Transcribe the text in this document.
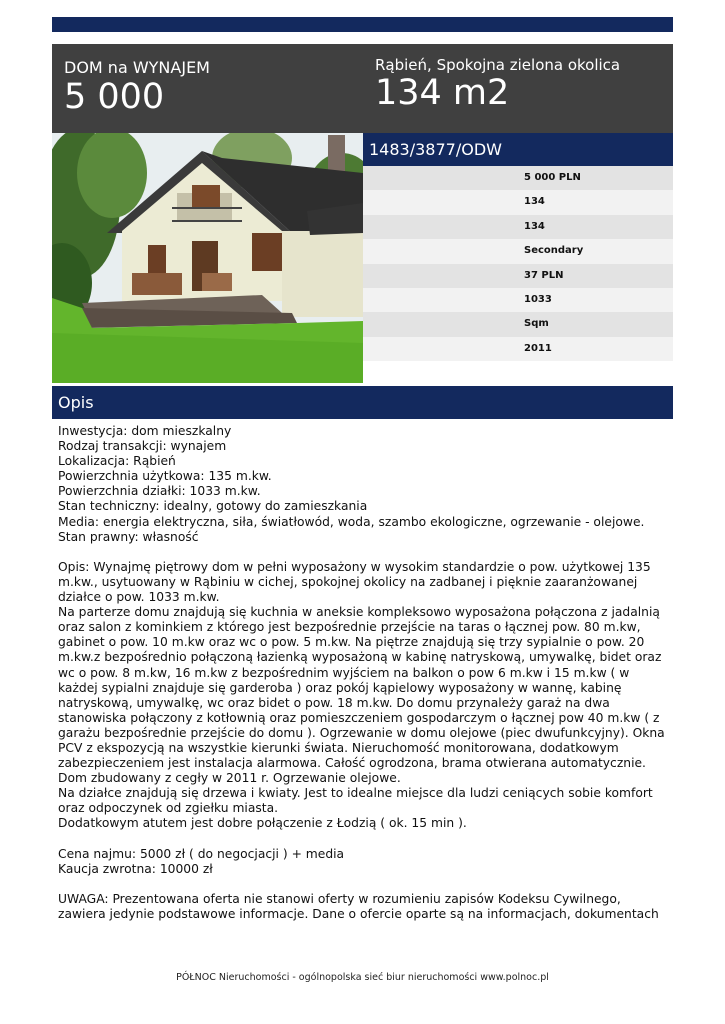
DOM na WYNAJEM
5 000
Rąbień, Spokojna zielona okolica
134 m2
1483/3877/ODW
5 000 PLN
134
134
Secondary
37 PLN
1033
Sqm
2011
Opis
Inwestycja: dom mieszkalny
Rodzaj transakcji: wynajem
Lokalizacja: Rąbień
Powierzchnia użytkowa: 135 m.kw.
Powierzchnia działki: 1033 m.kw.
Stan techniczny: idealny, gotowy do zamieszkania
Media: energia elektryczna, siła, światłowód, woda, szambo ekologiczne, ogrzewanie - olejowe.
Stan prawny: własność

Opis: Wynajmę piętrowy dom w pełni wyposażony w wysokim standardzie o pow. użytkowej 135
m.kw., usytuowany w Rąbiniu w cichej, spokojnej okolicy na zadbanej i pięknie zaaranżowanej
działce o pow. 1033 m.kw.
Na parterze domu znajdują się kuchnia w aneksie kompleksowo wyposażona połączona z jadalnią
oraz salon z kominkiem z którego jest bezpośrednie przejście na taras o łącznej pow. 80 m.kw,
gabinet o pow. 10 m.kw oraz wc o pow. 5 m.kw. Na piętrze znajdują się trzy sypialnie o pow. 20
m.kw.z bezpośrednio połączoną łazienką wyposażoną w kabinę natryskową, umywalkę, bidet oraz
wc o pow. 8 m.kw, 16 m.kw z bezpośrednim wyjściem na balkon o pow 6 m.kw i 15 m.kw ( w
każdej sypialni znajduje się garderoba ) oraz pokój kąpielowy wyposażony w wannę, kabinę
natryskową, umywalkę, wc oraz bidet o pow. 18 m.kw. Do domu przynależy garaż na dwa
stanowiska połączony z kotłownią oraz pomieszczeniem gospodarczym o łącznej pow 40 m.kw ( z
garażu bezpośrednie przejście do domu ). Ogrzewanie w domu olejowe (piec dwufunkcyjny). Okna
PCV z ekspozycją na wszystkie kierunki świata. Nieruchomość monitorowana, dodatkowym
zabezpieczeniem jest instalacja alarmowa. Całość ogrodzona, brama otwierana automatycznie.
Dom zbudowany z cegły w 2011 r. Ogrzewanie olejowe.
Na działce znajdują się drzewa i kwiaty. Jest to idealne miejsce dla ludzi ceniących sobie komfort
oraz odpoczynek od zgiełku miasta.
Dodatkowym atutem jest dobre połączenie z Łodzią ( ok. 15 min ).

Cena najmu: 5000 zł ( do negocjacji ) + media
Kaucja zwrotna: 10000 zł

UWAGA: Prezentowana oferta nie stanowi oferty w rozumieniu zapisów Kodeksu Cywilnego,
zawiera jedynie podstawowe informacje. Dane o ofercie oparte są na informacjach, dokumentach
PÓŁNOC Nieruchomości - ogólnopolska sieć biur nieruchomości www.polnoc.pl
